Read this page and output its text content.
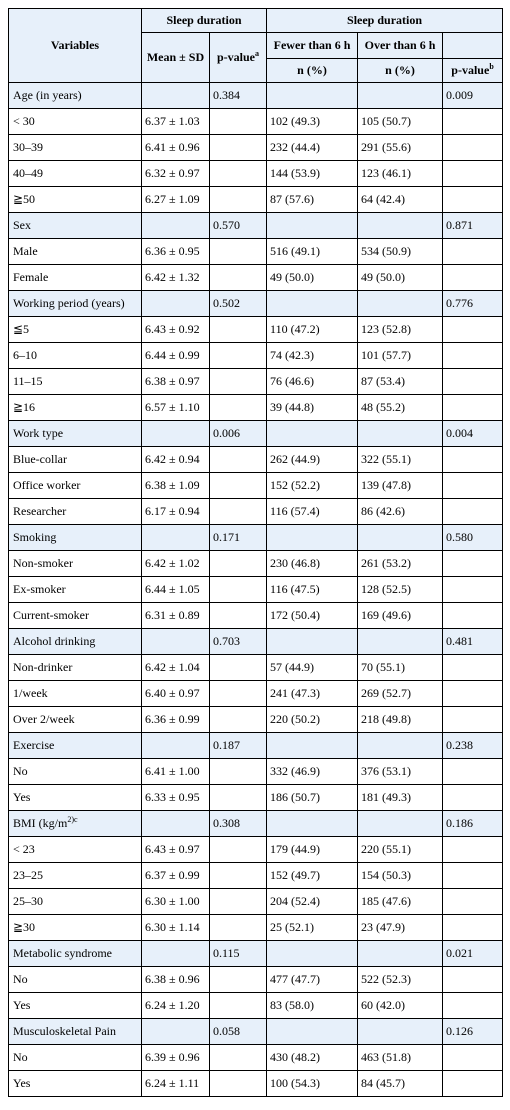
Variables	Sleep duration		Sleep duration		
	Mean ± SD	p-value$^a$	Fewer than 6 h	Over than 6 h	
			n (%)	n (%)	p-value$^b$
Age (in years)		0.384			0.009
< 30	6.37 ± 1.03		102 (49.3)	105 (50.7)	
30–39	6.41 ± 0.96		232 (44.4)	291 (55.6)	
40–49	6.32 ± 0.97		144 (53.9)	123 (46.1)	
≧50	6.27 ± 1.09		87 (57.6)	64 (42.4)	
Sex		0.570			0.871
Male	6.36 ± 0.95		516 (49.1)	534 (50.9)	
Female	6.42 ± 1.32		49 (50.0)	49 (50.0)	
Working period (years)		0.502			0.776
≦5	6.43 ± 0.92		110 (47.2)	123 (52.8)	
6–10	6.44 ± 0.99		74 (42.3)	101 (57.7)	
11–15	6.38 ± 0.97		76 (46.6)	87 (53.4)	
≧16	6.57 ± 1.10		39 (44.8)	48 (55.2)	
Work type		0.006			0.004
Blue-collar	6.42 ± 0.94		262 (44.9)	322 (55.1)	
Office worker	6.38 ± 1.09		152 (52.2)	139 (47.8)	
Researcher	6.17 ± 0.94		116 (57.4)	86 (42.6)	
Smoking		0.171			0.580
Non-smoker	6.42 ± 1.02		230 (46.8)	261 (53.2)	
Ex-smoker	6.44 ± 1.05		116 (47.5)	128 (52.5)	
Current-smoker	6.31 ± 0.89		172 (50.4)	169 (49.6)	
Alcohol drinking		0.703			0.481
Non-drinker	6.42 ± 1.04		57 (44.9)	70 (55.1)	
1/week	6.40 ± 0.97		241 (47.3)	269 (52.7)	
Over 2/week	6.36 ± 0.99		220 (50.2)	218 (49.8)	
Exercise		0.187			0.238
No	6.41 ± 1.00		332 (46.9)	376 (53.1)	
Yes	6.33 ± 0.95		186 (50.7)	181 (49.3)	
BMI ($kg/m^{2)c}$		0.308			0.186
< 23	6.43 ± 0.97		179 (44.9)	220 (55.1)	
23–25	6.37 ± 0.99		152 (49.7)	154 (50.3)	
25–30	6.30 ± 1.00		204 (52.4)	185 (47.6)	
≧30	6.30 ± 1.14		25 (52.1)	23 (47.9)	
Metabolic syndrome		0.115			0.021
No	6.38 ± 0.96		477 (47.7)	522 (52.3)	
Yes	6.24 ± 1.20		83 (58.0)	60 (42.0)	
Musculoskeletal Pain		0.058			0.126
No	6.39 ± 0.96		430 (48.2)	463 (51.8)	
Yes	6.24 ± 1.11		100 (54.3)	84 (45.7)	
